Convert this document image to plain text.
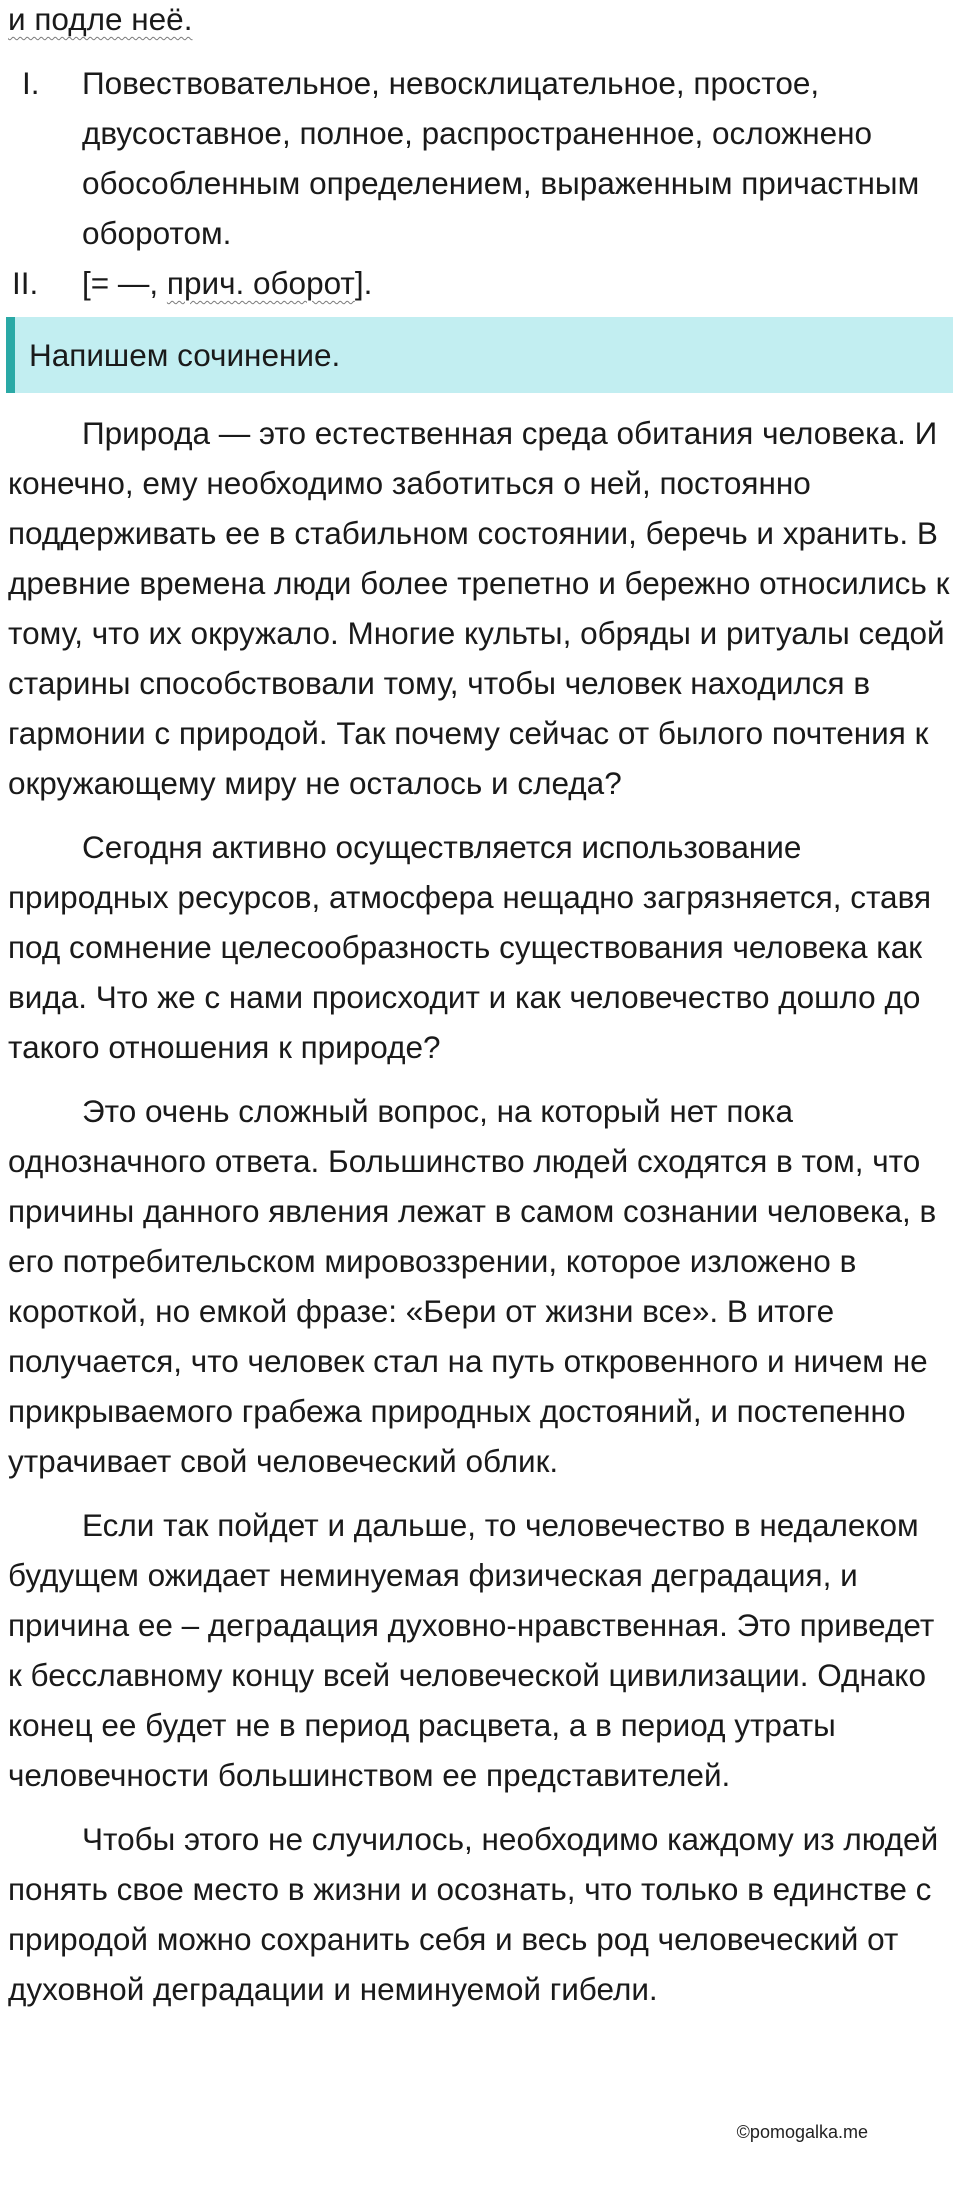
и подле неё.
I.	Повествовательное, невосклицательное, простое, двусоставное, полное, распространенное, осложнено обособленным определением, выраженным причастным оборотом.
II.	[= —, прич. оборот].
Напишем сочинение.

Природа — это естественная среда обитания человека. И конечно, ему необходимо заботиться о ней, постоянно поддерживать ее в стабильном состоянии, беречь и хранить. В древние времена люди более трепетно и бережно относились к тому, что их окружало. Многие культы, обряды и ритуалы седой старины способствовали тому, чтобы человек находился в гармонии с природой. Так почему сейчас от былого почтения к окружающему миру не осталось и следа?

Сегодня активно осуществляется использование природных ресурсов, атмосфера нещадно загрязняется, ставя под сомнение целесообразность существования человека как вида. Что же с нами происходит и как человечество дошло до такого отношения к природе?

Это очень сложный вопрос, на который нет пока однозначного ответа. Большинство людей сходятся в том, что причины данного явления лежат в самом сознании человека, в его потребительском мировоззрении, которое изложено в короткой, но емкой фразе: «Бери от жизни все». В итоге получается, что человек стал на путь откровенного и ничем не прикрываемого грабежа природных достояний, и постепенно утрачивает свой человеческий облик.

Если так пойдет и дальше, то человечество в недалеком будущем ожидает неминуемая физическая деградация, и причина ее – деградация духовно-нравственная. Это приведет к бесславному концу всей человеческой цивилизации. Однако конец ее будет не в период расцвета, а в период утраты человечности большинством ее представителей.

Чтобы этого не случилось, необходимо каждому из людей понять свое место в жизни и осознать, что только в единстве с природой можно сохранить себя и весь род человеческий от духовной деградации и неминуемой гибели.

©pomogalka.me
